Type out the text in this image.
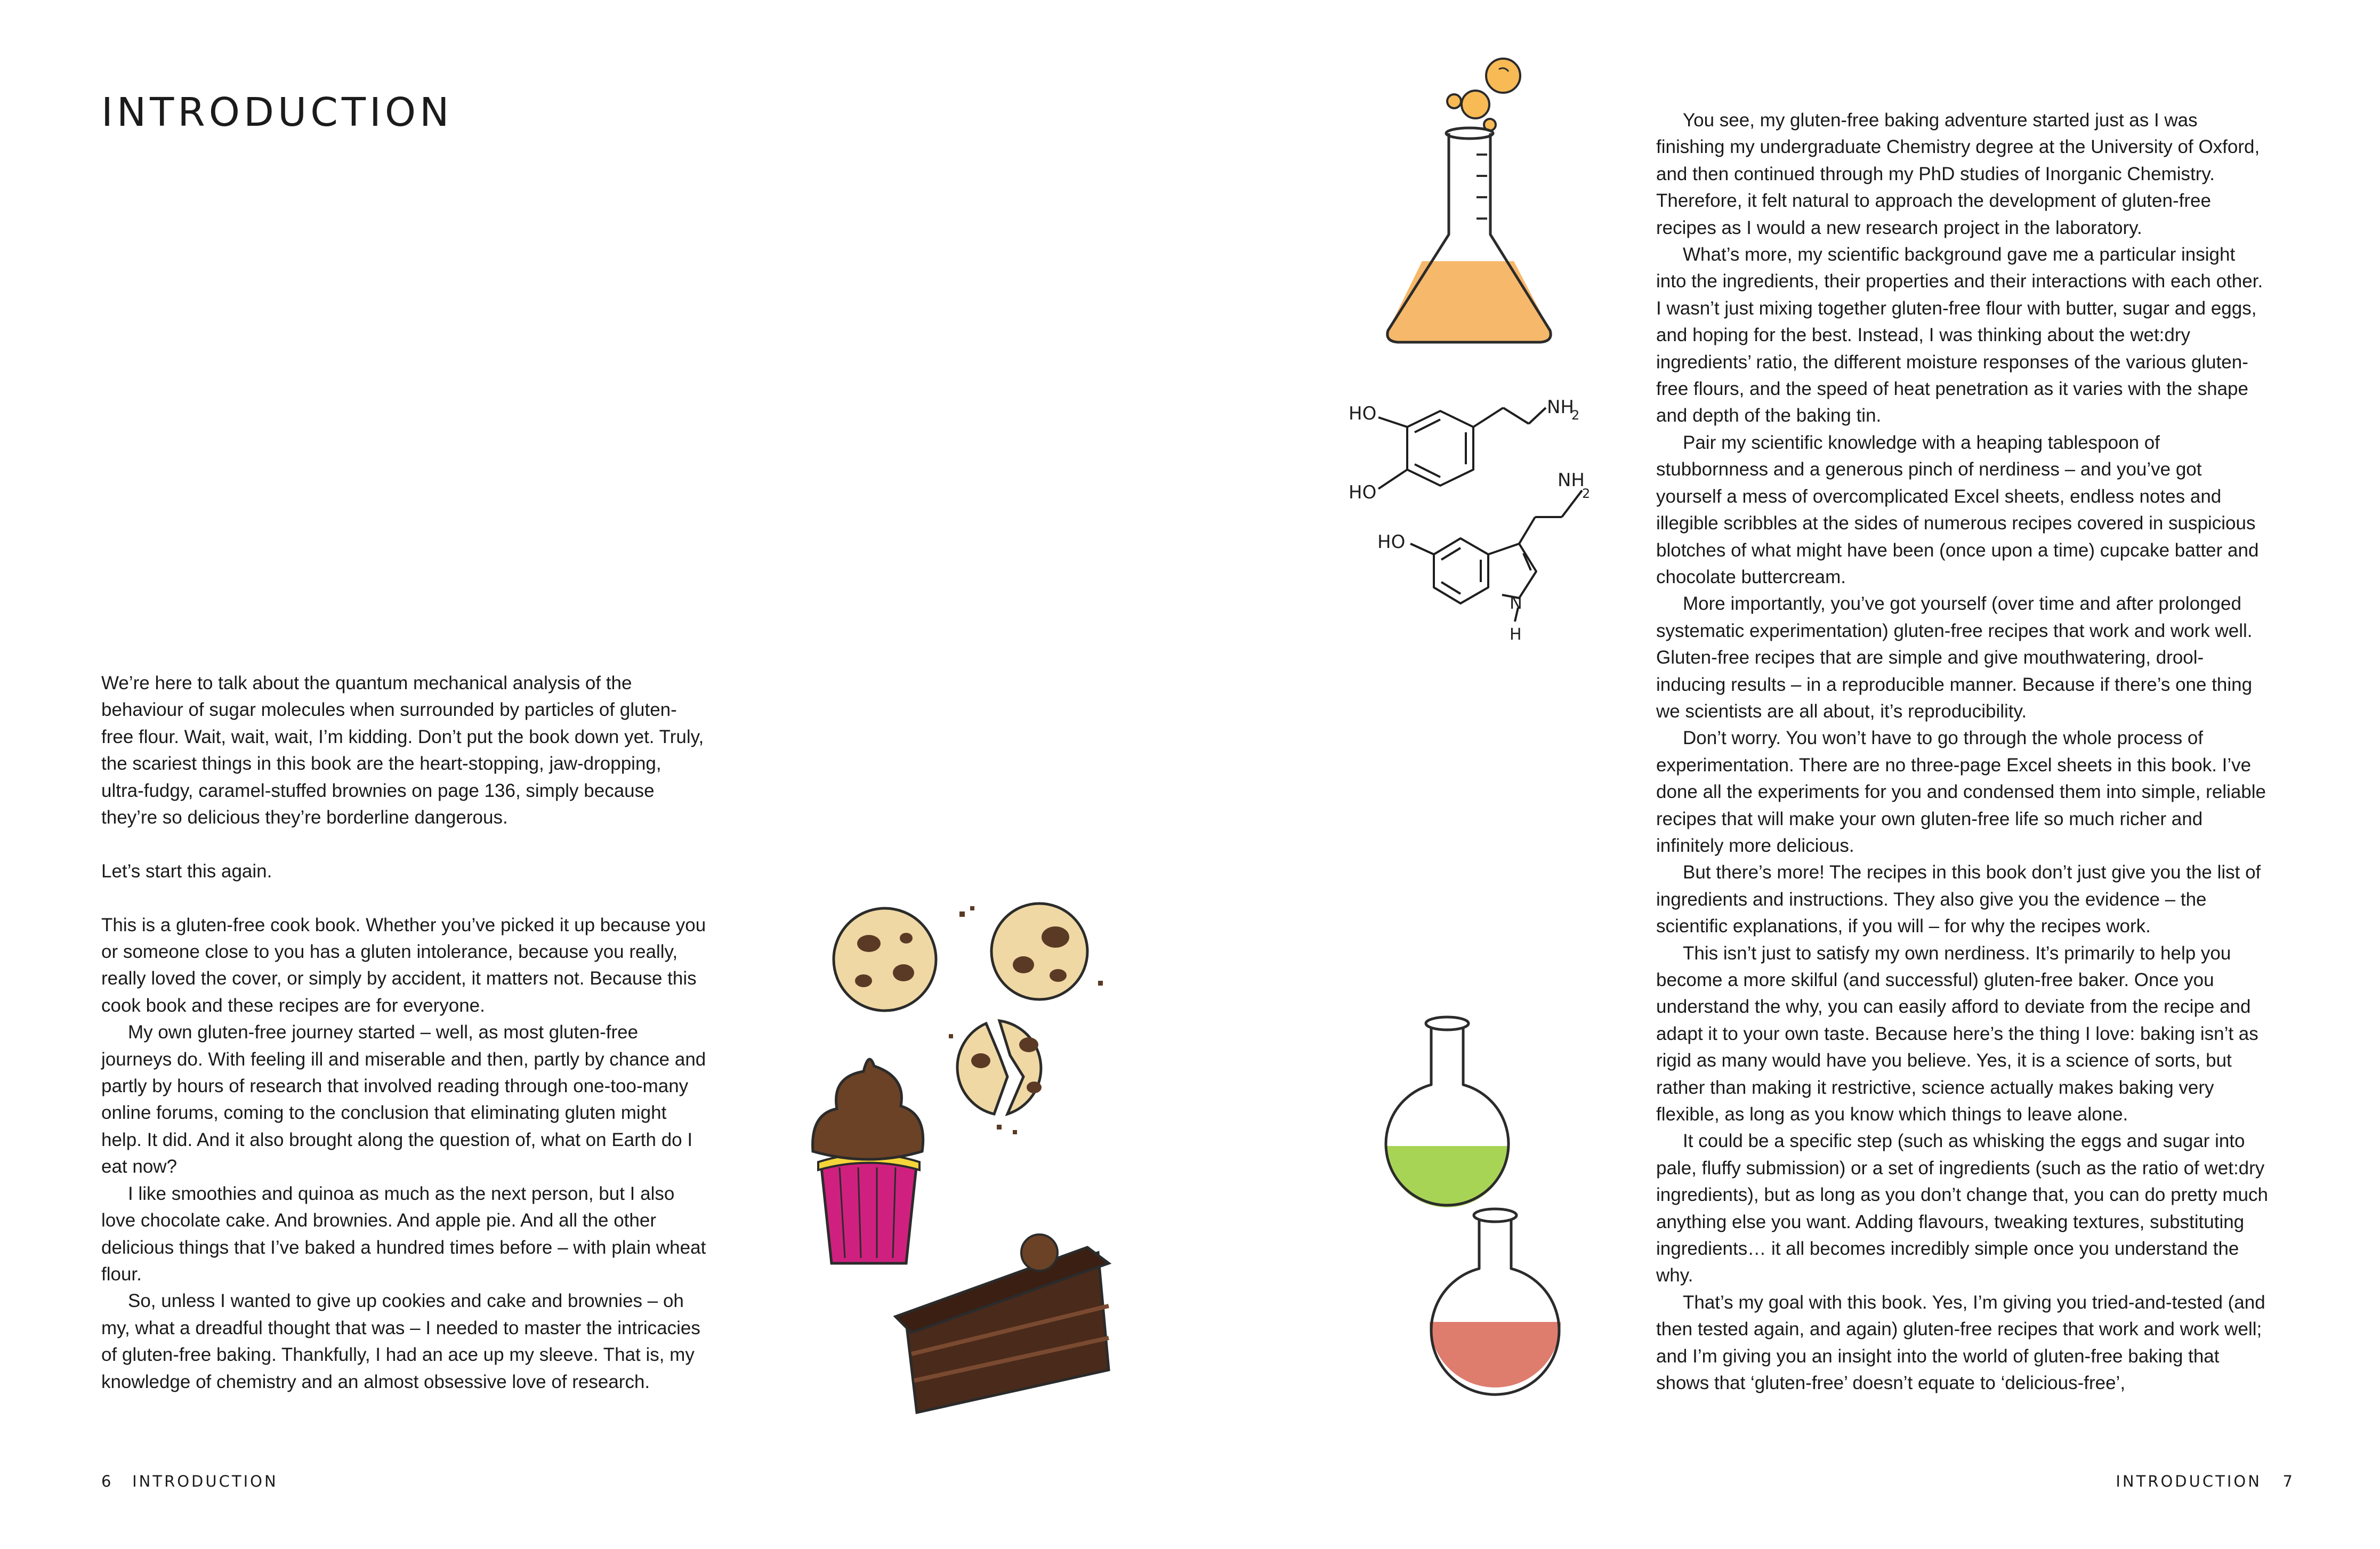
INTRODUCTION

We’re here to talk about the quantum mechanical analysis of the behaviour of sugar molecules when surrounded by particles of gluten-free flour. Wait, wait, wait, I’m kidding. Don’t put the book down yet. Truly, the scariest things in this book are the heart-stopping, jaw-dropping, ultra-fudgy, caramel-stuffed brownies on page 136, simply because they’re so delicious they’re borderline dangerous.

Let’s start this again.

This is a gluten-free cook book. Whether you’ve picked it up because you or someone close to you has a gluten intolerance, because you really, really loved the cover, or simply by accident, it matters not. Because this cook book and these recipes are for everyone.

My own gluten-free journey started – well, as most gluten-free journeys do. With feeling ill and miserable and then, partly by chance and partly by hours of research that involved reading through one-too-many online forums, coming to the conclusion that eliminating gluten might help. It did. And it also brought along the question of, what on Earth do I eat now?

I like smoothies and quinoa as much as the next person, but I also love chocolate cake. And brownies. And apple pie. And all the other delicious things that I’ve baked a hundred times before – with plain wheat flour.

So, unless I wanted to give up cookies and cake and brownies – oh my, what a dreadful thought that was – I needed to master the intricacies of gluten-free baking. Thankfully, I had an ace up my sleeve. That is, my knowledge of chemistry and an almost obsessive love of research.

You see, my gluten-free baking adventure started just as I was finishing my undergraduate Chemistry degree at the University of Oxford, and then continued through my PhD studies of Inorganic Chemistry. Therefore, it felt natural to approach the development of gluten-free recipes as I would a new research project in the laboratory.

What’s more, my scientific background gave me a particular insight into the ingredients, their properties and their interactions with each other. I wasn’t just mixing together gluten-free flour with butter, sugar and eggs, and hoping for the best. Instead, I was thinking about the wet:dry ingredients’ ratio, the different moisture responses of the various gluten-free flours, and the speed of heat penetration as it varies with the shape and depth of the baking tin.

Pair my scientific knowledge with a heaping tablespoon of stubbornness and a generous pinch of nerdiness – and you’ve got yourself a mess of overcomplicated Excel sheets, endless notes and illegible scribbles at the sides of numerous recipes covered in suspicious blotches of what might have been (once upon a time) cupcake batter and chocolate buttercream.

More importantly, you’ve got yourself (over time and after prolonged systematic experimentation) gluten-free recipes that work and work well. Gluten-free recipes that are simple and give mouthwatering, drool-inducing results – in a reproducible manner. Because if there’s one thing we scientists are all about, it’s reproducibility.

Don’t worry. You won’t have to go through the whole process of experimentation. There are no three-page Excel sheets in this book. I’ve done all the experiments for you and condensed them into simple, reliable recipes that will make your own gluten-free life so much richer and infinitely more delicious.

But there’s more! The recipes in this book don’t just give you the list of ingredients and instructions. They also give you the evidence – the scientific explanations, if you will – for why the recipes work.

This isn’t just to satisfy my own nerdiness. It’s primarily to help you become a more skilful (and successful) gluten-free baker. Once you understand the why, you can easily afford to deviate from the recipe and adapt it to your own taste. Because here’s the thing I love: baking isn’t as rigid as many would have you believe. Yes, it is a science of sorts, but rather than making it restrictive, science actually makes baking very flexible, as long as you know which things to leave alone.

It could be a specific step (such as whisking the eggs and sugar into pale, fluffy submission) or a set of ingredients (such as the ratio of wet:dry ingredients), but as long as you don’t change that, you can do pretty much anything else you want. Adding flavours, tweaking textures, substituting ingredients… it all becomes incredibly simple once you understand the why.

That’s my goal with this book. Yes, I’m giving you tried-and-tested (and then tested again, and again) gluten-free recipes that work and work well; and I’m giving you an insight into the world of gluten-free baking that shows that ‘gluten-free’ doesn’t equate to ‘delicious-free’,

HO
HO
NH
2
HO
NH
2
N
H
6 INTRODUCTION	INTRODUCTION 7
